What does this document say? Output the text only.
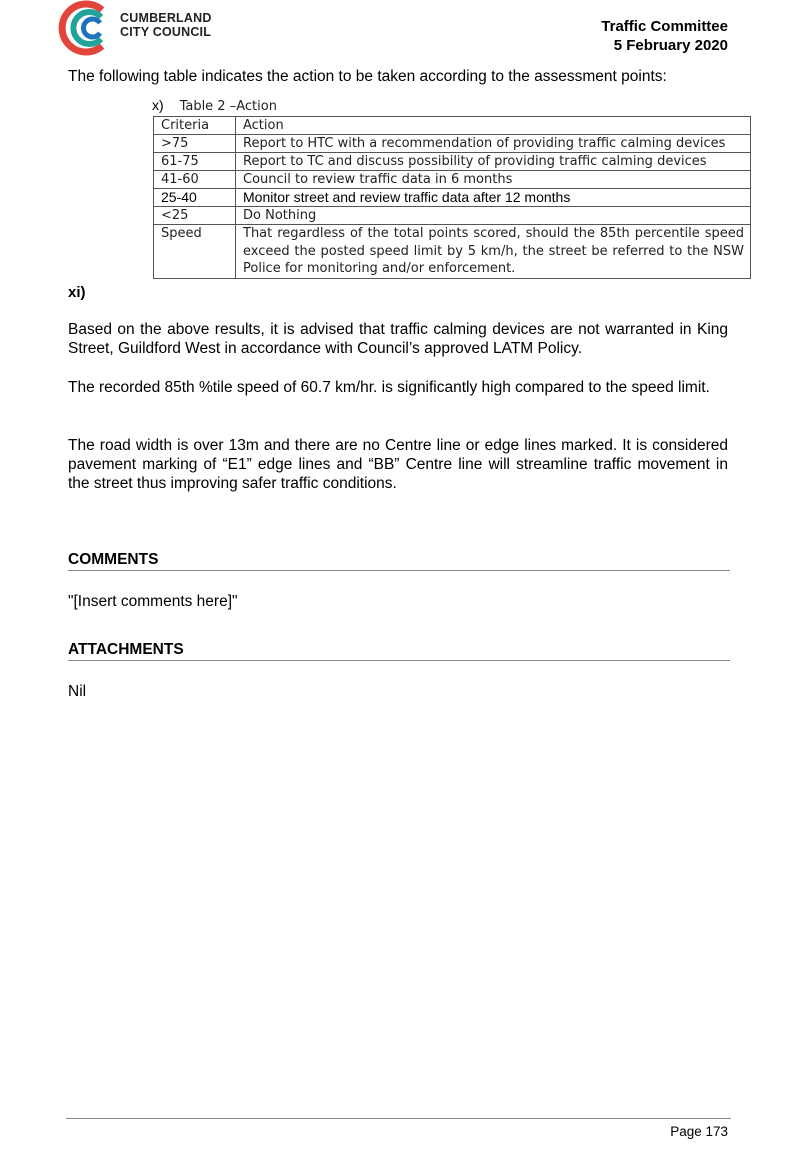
CUMBERLAND
CITY COUNCIL	Traffic Committee
5 February 2020
The following table indicates the action to be taken according to the assessment points:
x) Table 2 –Action
Criteria	Action
>75	Report to HTC with a recommendation of providing traffic calming devices
61-75	Report to TC and discuss possibility of providing traffic calming devices
41-60	Council to review traffic data in 6 months
25-40	Monitor street and review traffic data after 12 months
<25	Do Nothing
Speed	That regardless of the total points scored, should the 85th percentile speed exceed the posted speed limit by 5 km/h, the street be referred to the NSW Police for monitoring and/or enforcement.
xi)
Based on the above results, it is advised that traffic calming devices are not warranted in King Street, Guildford West in accordance with Council’s approved LATM Policy.
The recorded 85th %tile speed of 60.7 km/hr. is significantly high compared to the speed limit.
The road width is over 13m and there are no Centre line or edge lines marked. It is considered pavement marking of “E1” edge lines and “BB” Centre line will streamline traffic movement in the street thus improving safer traffic conditions.
COMMENTS
"[Insert comments here]"
ATTACHMENTS
Nil
Page 173
